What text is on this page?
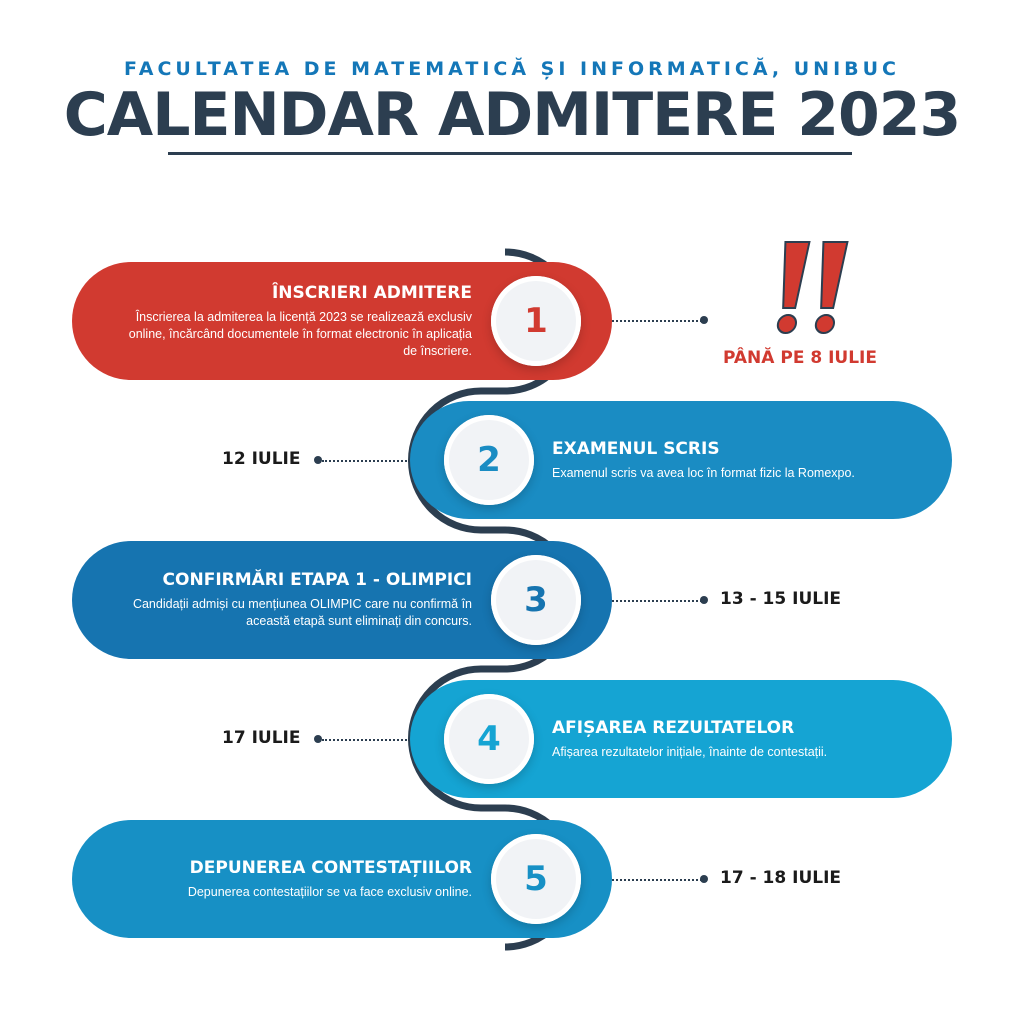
FACULTATEA DE MATEMATICĂ ȘI INFORMATICĂ, UNIBUC
CALENDAR ADMITERE 2023
ÎNSCRIERI ADMITERE
Înscrierea la admiterea la licență 2023 se realizează exclusiv online, încărcând documentele în format electronic în aplicația de înscriere.
1
PÂNĂ PE 8 IULIE
EXAMENUL SCRIS
Examenul scris va avea loc în format fizic la Romexpo.
2
12 IULIE
CONFIRMĂRI ETAPA 1 - OLIMPICI
Candidații admiși cu mențiunea OLIMPIC care nu confirmă în această etapă sunt eliminați din concurs.
3	13 - 15 IULIE
AFIȘAREA REZULTATELOR
Afișarea rezultatelor inițiale, înainte de contestații.
4
17 IULIE
DEPUNEREA CONTESTAȚIILOR
Depunerea contestațiilor se va face exclusiv online. 5	17 - 18 IULIE
